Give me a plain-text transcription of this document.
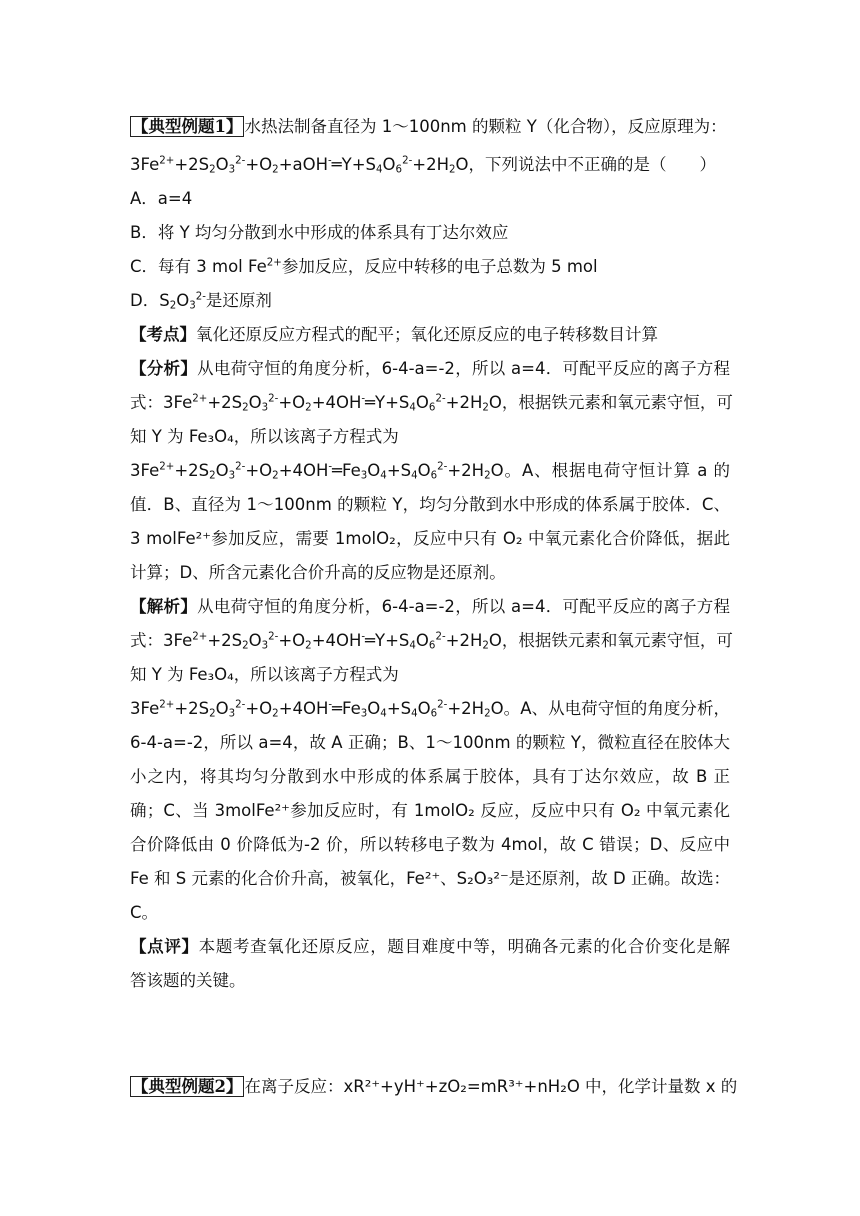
【典型例题1】 水热法制备直径为 1～100nm 的颗粒 Y（化合物），反应原理为：
$3Fe^{2+}+2S_2O_3^{2-}+O_2+aOH^-═Y+S_4O_6^{2-}+2H_2O$，下列说法中不正确的是（　　）
A．a=4
B．将 Y 均匀分散到水中形成的体系具有丁达尔效应
C．每有 3 mol $Fe^{2+}$参加反应，反应中转移的电子总数为 5 mol
D．$S_2O_3^{2-}$是还原剂
【考点】氧化还原反应方程式的配平；氧化还原反应的电子转移数目计算
【分析】从电荷守恒的角度分析，6-4-a=-2，所以 a=4．可配平反应的离子方程
式：$3Fe^{2+}+2S_2O_3^{2-}+O_2+4OH^-═Y+S_4O_6^{2-}+2H_2O$，根据铁元素和氧元素守恒，可
知 Y 为 Fe₃O₄，所以该离子方程式为
$3Fe^{2+}+2S_2O_3^{2-}+O_2+4OH^-═Fe_3O_4+S_4O_6^{2-}+2H_2O$。A、根据电荷守恒计算 a 的
值．B、直径为 1～100nm 的颗粒 Y，均匀分散到水中形成的体系属于胶体．C、
3 molFe²⁺参加反应，需要 1molO₂，反应中只有 O₂ 中氧元素化合价降低，据此
计算；D、所含元素化合价升高的反应物是还原剂。
【解析】从电荷守恒的角度分析，6-4-a=-2，所以 a=4．可配平反应的离子方程
式：$3Fe^{2+}+2S_2O_3^{2-}+O_2+4OH^-═Y+S_4O_6^{2-}+2H_2O$，根据铁元素和氧元素守恒，可
知 Y 为 Fe₃O₄，所以该离子方程式为
$3Fe^{2+}+2S_2O_3^{2-}+O_2+4OH^-═Fe_3O_4+S_4O_6^{2-}+2H_2O$。A、从电荷守恒的角度分析，
6-4-a=-2，所以 a=4，故 A 正确；B、1～100nm 的颗粒 Y，微粒直径在胶体大
小之内，将其均匀分散到水中形成的体系属于胶体，具有丁达尔效应，故 B 正
确；C、当 3molFe²⁺参加反应时，有 1molO₂ 反应，反应中只有 O₂ 中氧元素化
合价降低由 0 价降低为-2 价，所以转移电子数为 4mol，故 C 错误；D、反应中
Fe 和 S 元素的化合价升高，被氧化，Fe²⁺、S₂O₃²⁻是还原剂，故 D 正确。故选：
C。
【点评】本题考查氧化还原反应，题目难度中等，明确各元素的化合价变化是解
答该题的关键。
【典型例题2】 在离子反应：xR²⁺+yH⁺+zO₂=mR³⁺+nH₂O 中，化学计量数 x 的
